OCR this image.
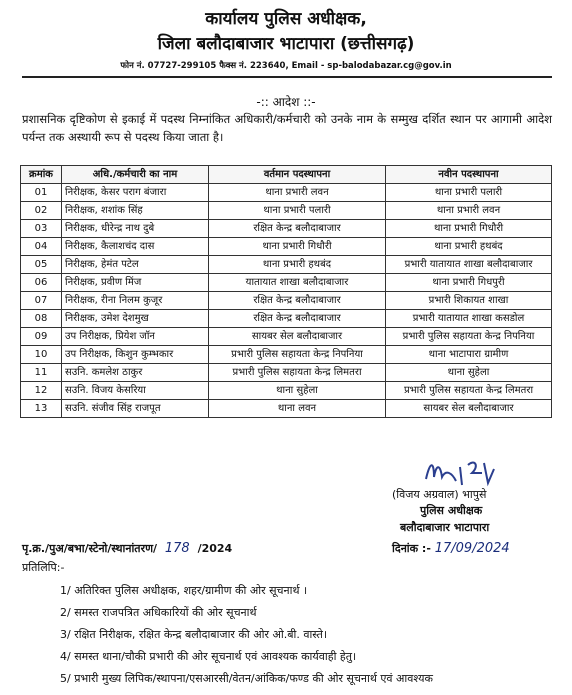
कार्यालय पुलिस अधीक्षक,
जिला बलौदाबाजार भाटापारा (छत्तीसगढ़)
फोन नं. 07727-299105 फैक्स नं. 223640, Email - sp-balodabazar.cg@gov.in
-:: आदेश ::-
प्रशासनिक दृष्टिकोण से इकाई में पदस्थ निम्नांकित अधिकारी/कर्मचारी को उनके नाम के सम्मुख दर्शित स्थान पर आगामी आदेश पर्यन्त तक अस्थायी रूप से पदस्थ किया जाता है।
क्रमांक	अधि./कर्मचारी का नाम	वर्तमान पदस्थापना	नवीन पदस्थापना
01	निरीक्षक, केसर पराग बंजारा	थाना प्रभारी लवन	थाना प्रभारी पलारी
02	निरीक्षक, शशांक सिंह	थाना प्रभारी पलारी	थाना प्रभारी लवन
03	निरीक्षक, धीरेन्द्र नाथ दुबे	रक्षित केन्द्र बलौदाबाजार	थाना प्रभारी गिधौरी
04	निरीक्षक, कैलाशचंद दास	थाना प्रभारी गिधौरी	थाना प्रभारी हथबंद
05	निरीक्षक, हेमंत पटेल	थाना प्रभारी हथबंद	प्रभारी यातायात शाखा बलौदाबाजार
06	निरीक्षक, प्रवीण मिंज	यातायात शाखा बलौदाबाजार	थाना प्रभारी गिधपुरी
07	निरीक्षक, रीना निलम कुजूर	रक्षित केन्द्र बलौदाबाजार	प्रभारी शिकायत शाखा
08	निरीक्षक, उमेश देशमुख	रक्षित केन्द्र बलौदाबाजार	प्रभारी यातायात शाखा कसडोल
09	उप निरीक्षक, प्रियेश जॉन	सायबर सेल बलौदाबाजार	प्रभारी पुलिस सहायता केन्द्र निपनिया
10	उप निरीक्षक, किशुन कुम्भकार	प्रभारी पुलिस सहायता केन्द्र निपनिया	थाना भाटापारा ग्रामीण
11	सउनि. कमलेश ठाकुर	प्रभारी पुलिस सहायता केन्द्र लिमतरा	थाना सुहेला
12	सउनि. विजय केसरिया	थाना सुहेला	प्रभारी पुलिस सहायता केन्द्र लिमतरा
13	सउनि. संजीव सिंह राजपूत	थाना लवन	सायबर सेल बलौदाबाजार
(विजय अग्रवाल) भापुसे
पुलिस अधीक्षक
बलौदाबाजार भाटापारा
पृ.क्र./पुअ/बभा/स्टेनो/स्थानांतरण/ 178 /2024	दिनांक :- 17/09/2024
प्रतिलिपि:-
1/ अतिरिक्त पुलिस अधीक्षक, शहर/ग्रामीण की ओर सूचनार्थ ।
2/ समस्त राजपत्रित अधिकारियों की ओर सूचनार्थ
3/ रक्षित निरीक्षक, रक्षित केन्द्र बलौदाबाजार की ओर ओ.बी. वास्ते।
4/ समस्त थाना/चौकी प्रभारी की ओर सूचनार्थ एवं आवश्यक कार्यवाही हेतु।
5/ प्रभारी मुख्य लिपिक/स्थापना/एसआरसी/वेतन/आंकिक/फण्ड की ओर सूचनार्थ एवं आवश्यक
